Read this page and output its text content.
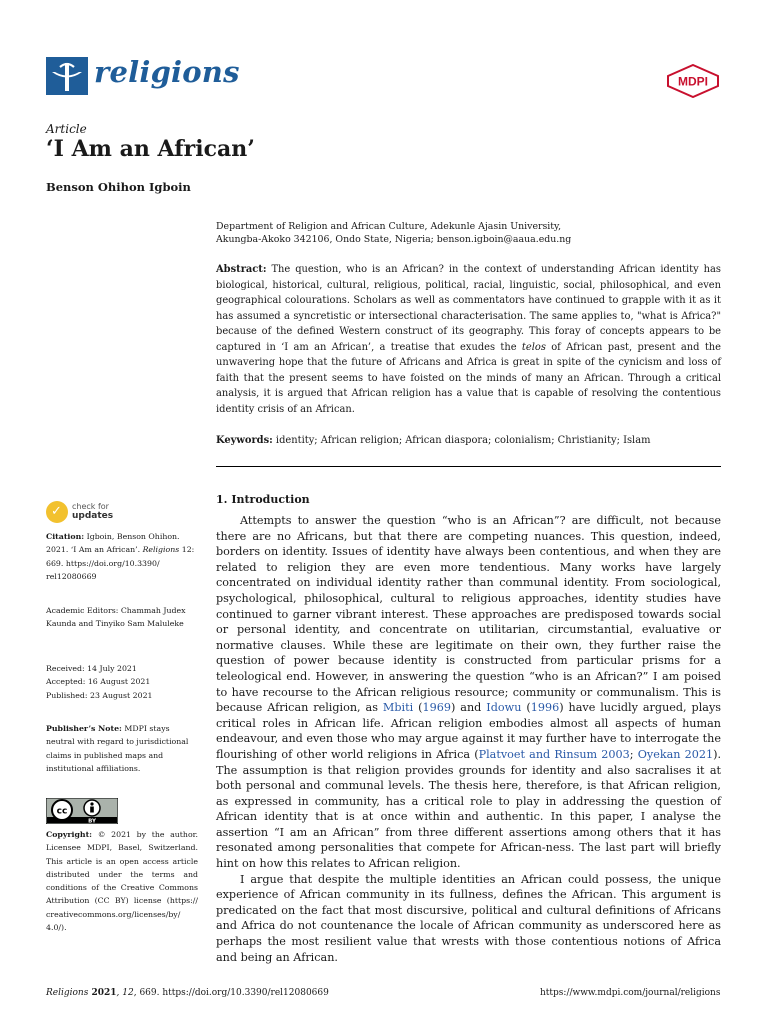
religions	MDPI
Article
‘I Am an African’
Benson Ohihon Igboin
Department of Religion and African Culture, Adekunle Ajasin University,
Akungba-Akoko 342106, Ondo State, Nigeria; benson.igboin@aaua.edu.ng
Abstract: The question, who is an African? in the context of understanding African identity has biological, historical, cultural, religious, political, racial, linguistic, social, philosophical, and even geographical colourations. Scholars as well as commentators have continued to grapple with it as it has assumed a syncretistic or intersectional characterisation. The same applies to, "what is Africa?" because of the defined Western construct of its geography. This foray of concepts appears to be captured in ‘I am an African’, a treatise that exudes the telos of African past, present and the unwavering hope that the future of Africans and Africa is great in spite of the cynicism and loss of faith that the present seems to have foisted on the minds of many an African. Through a critical analysis, it is argued that African religion has a value that is capable of resolving the contentious identity crisis of an African.
Keywords: identity; African religion; African diaspora; colonialism; Christianity; Islam
✓ check for
updates
Citation: Igboin, Benson Ohihon. 2021. ‘I Am an African’. Religions 12: 669. https://doi.org/10.3390/ rel12080669
Academic Editors: Chammah Judex Kaunda and Tinyiko Sam Maluleke
Received: 14 July 2021
Accepted: 16 August 2021
Published: 23 August 2021
Publisher’s Note: MDPI stays neutral with regard to jurisdictional claims in published maps and institutional affiliations.
cc
BY
Copyright: © 2021 by the author. Licensee MDPI, Basel, Switzerland. This article is an open access article distributed under the terms and conditions of the Creative Commons Attribution (CC BY) license (https:// creativecommons.org/licenses/by/ 4.0/).
1. Introduction

Attempts to answer the question “who is an African”? are difficult, not because there are no Africans, but that there are competing nuances. This question, indeed, borders on identity. Issues of identity have always been contentious, and when they are related to religion they are even more tendentious. Many works have largely concentrated on individual identity rather than communal identity. From sociological, psychological, philosophical, cultural to religious approaches, identity studies have continued to garner vibrant interest. These approaches are predisposed towards social or personal identity, and concentrate on utilitarian, circumstantial, evaluative or normative clauses. While these are legitimate on their own, they further raise the question of power because identity is constructed from particular prisms for a teleological end. However, in answering the question “who is an African?” I am poised to have recourse to the African religious resource; community or communalism. This is because African religion, as Mbiti (1969) and Idowu (1996) have lucidly argued, plays critical roles in African life. African religion embodies almost all aspects of human endeavour, and even those who may argue against it may further have to interrogate the flourishing of other world religions in Africa (Platvoet and Rinsum 2003; Oyekan 2021). The assumption is that religion provides grounds for identity and also sacralises it at both personal and communal levels. The thesis here, therefore, is that African religion, as expressed in community, has a critical role to play in addressing the question of African identity that is at once within and authentic. In this paper, I analyse the assertion “I am an African” from three different assertions among others that it has resonated among personalities that compete for African-ness. The last part will briefly hint on how this relates to African religion.

I argue that despite the multiple identities an African could possess, the unique experience of African community in its fullness, defines the African. This argument is predicated on the fact that most discursive, political and cultural definitions of Africans and Africa do not countenance the locale of African community as underscored here as perhaps the most resilient value that wrests with those contentious notions of Africa and being an African.

Religions 2021, 12, 669. https://doi.org/10.3390/rel12080669	https://www.mdpi.com/journal/religions
